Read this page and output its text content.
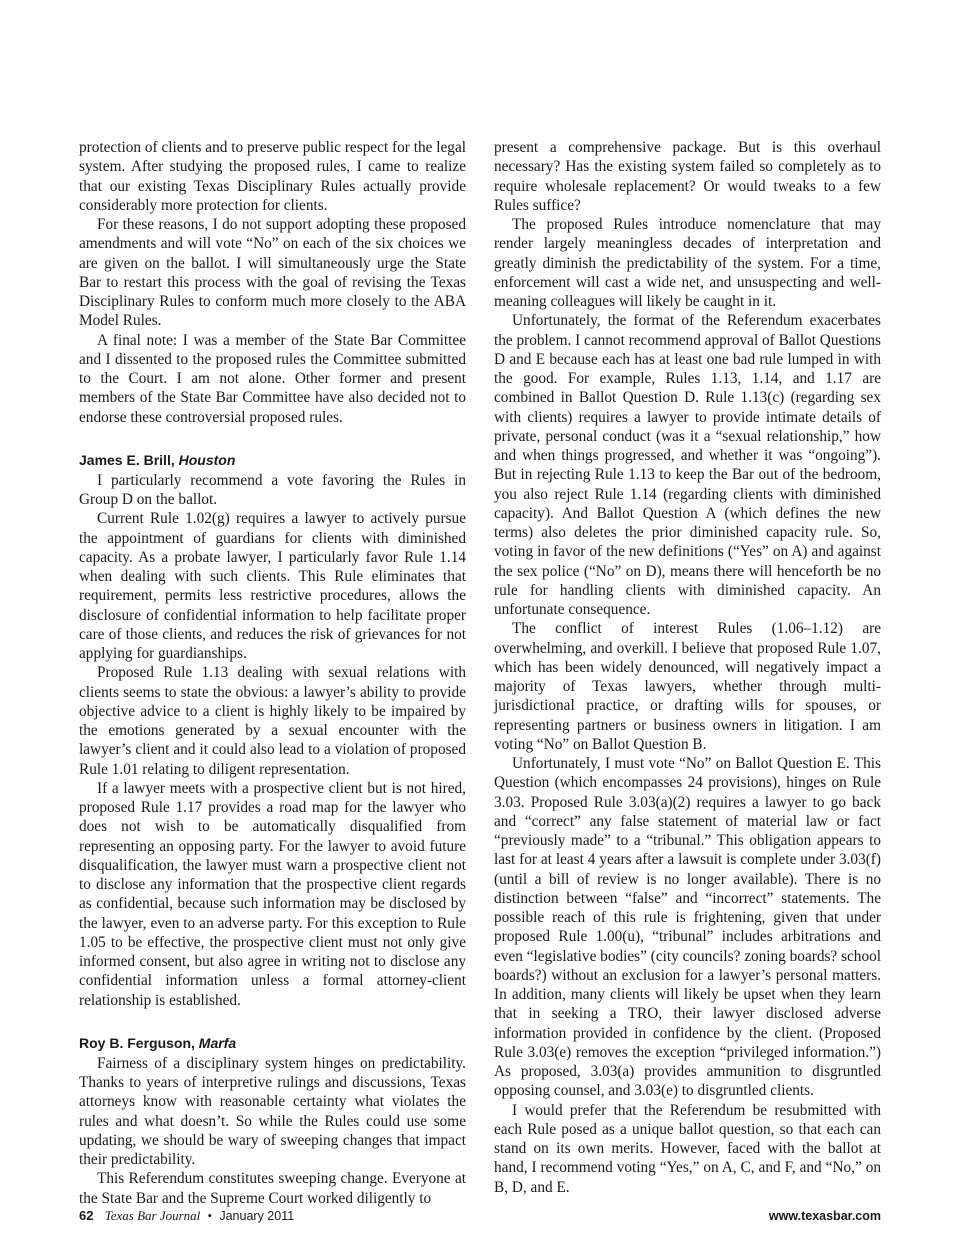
protection of clients and to preserve public respect for the legal system. After studying the proposed rules, I came to realize that our existing Texas Disciplinary Rules actually provide considerably more protection for clients.

For these reasons, I do not support adopting these proposed amendments and will vote “No” on each of the six choices we are given on the ballot. I will simultaneously urge the State Bar to restart this process with the goal of revising the Texas Disciplinary Rules to conform much more closely to the ABA Model Rules.

A final note: I was a member of the State Bar Committee and I dissented to the proposed rules the Committee submitted to the Court. I am not alone. Other former and present members of the State Bar Committee have also decided not to endorse these controversial proposed rules.

James E. Brill, Houston

I particularly recommend a vote favoring the Rules in Group D on the ballot.

Current Rule 1.02(g) requires a lawyer to actively pursue the appointment of guardians for clients with diminished capacity. As a probate lawyer, I particularly favor Rule 1.14 when dealing with such clients. This Rule eliminates that requirement, permits less restrictive procedures, allows the disclosure of confidential information to help facilitate proper care of those clients, and reduces the risk of grievances for not applying for guardianships.

Proposed Rule 1.13 dealing with sexual relations with clients seems to state the obvious: a lawyer’s ability to provide objective advice to a client is highly likely to be impaired by the emotions generated by a sexual encounter with the lawyer’s client and it could also lead to a violation of proposed Rule 1.01 relating to diligent representation.

If a lawyer meets with a prospective client but is not hired, proposed Rule 1.17 provides a road map for the lawyer who does not wish to be automatically disqualified from representing an opposing party. For the lawyer to avoid future disqualification, the lawyer must warn a prospective client not to disclose any information that the prospective client regards as confidential, because such information may be disclosed by the lawyer, even to an adverse party. For this exception to Rule 1.05 to be effective, the prospective client must not only give informed consent, but also agree in writing not to disclose any confidential information unless a formal attorney-client relationship is established.

Roy B. Ferguson, Marfa

Fairness of a disciplinary system hinges on predictability. Thanks to years of interpretive rulings and discussions, Texas attorneys know with reasonable certainty what violates the rules and what doesn’t. So while the Rules could use some updating, we should be wary of sweeping changes that impact their predictability.

This Referendum constitutes sweeping change. Everyone at the State Bar and the Supreme Court worked diligently to

present a comprehensive package. But is this overhaul necessary? Has the existing system failed so completely as to require wholesale replacement? Or would tweaks to a few Rules suffice?

The proposed Rules introduce nomenclature that may render largely meaningless decades of interpretation and greatly diminish the predictability of the system. For a time, enforcement will cast a wide net, and unsuspecting and well-meaning colleagues will likely be caught in it.

Unfortunately, the format of the Referendum exacerbates the problem. I cannot recommend approval of Ballot Questions D and E because each has at least one bad rule lumped in with the good. For example, Rules 1.13, 1.14, and 1.17 are combined in Ballot Question D. Rule 1.13(c) (regarding sex with clients) requires a lawyer to provide intimate details of private, personal conduct (was it a “sexual relationship,” how and when things progressed, and whether it was “ongoing”). But in rejecting Rule 1.13 to keep the Bar out of the bedroom, you also reject Rule 1.14 (regarding clients with diminished capacity). And Ballot Question A (which defines the new terms) also deletes the prior diminished capacity rule. So, voting in favor of the new definitions (“Yes” on A) and against the sex police (“No” on D), means there will henceforth be no rule for handling clients with diminished capacity. An unfortunate consequence.

The conflict of interest Rules (1.06–1.12) are overwhelming, and overkill. I believe that proposed Rule 1.07, which has been widely denounced, will negatively impact a majority of Texas lawyers, whether through multi-jurisdictional practice, or drafting wills for spouses, or representing partners or business owners in litigation. I am voting “No” on Ballot Question B.

Unfortunately, I must vote “No” on Ballot Question E. This Question (which encompasses 24 provisions), hinges on Rule 3.03. Proposed Rule 3.03(a)(2) requires a lawyer to go back and “correct” any false statement of material law or fact “previously made” to a “tribunal.” This obligation appears to last for at least 4 years after a lawsuit is complete under 3.03(f) (until a bill of review is no longer available). There is no distinction between “false” and “incorrect” statements. The possible reach of this rule is frightening, given that under proposed Rule 1.00(u), “tribunal” includes arbitrations and even “legislative bodies” (city councils? zoning boards? school boards?) without an exclusion for a lawyer’s personal matters. In addition, many clients will likely be upset when they learn that in seeking a TRO, their lawyer disclosed adverse information provided in confidence by the client. (Proposed Rule 3.03(e) removes the exception “privileged information.”) As proposed, 3.03(a) provides ammunition to disgruntled opposing counsel, and 3.03(e) to disgruntled clients.

I would prefer that the Referendum be resubmitted with each Rule posed as a unique ballot question, so that each can stand on its own merits. However, faced with the ballot at hand, I recommend voting “Yes,” on A, C, and F, and “No,” on B, D, and E.

62 Texas Bar Journal • January 2011	www.texasbar.com
